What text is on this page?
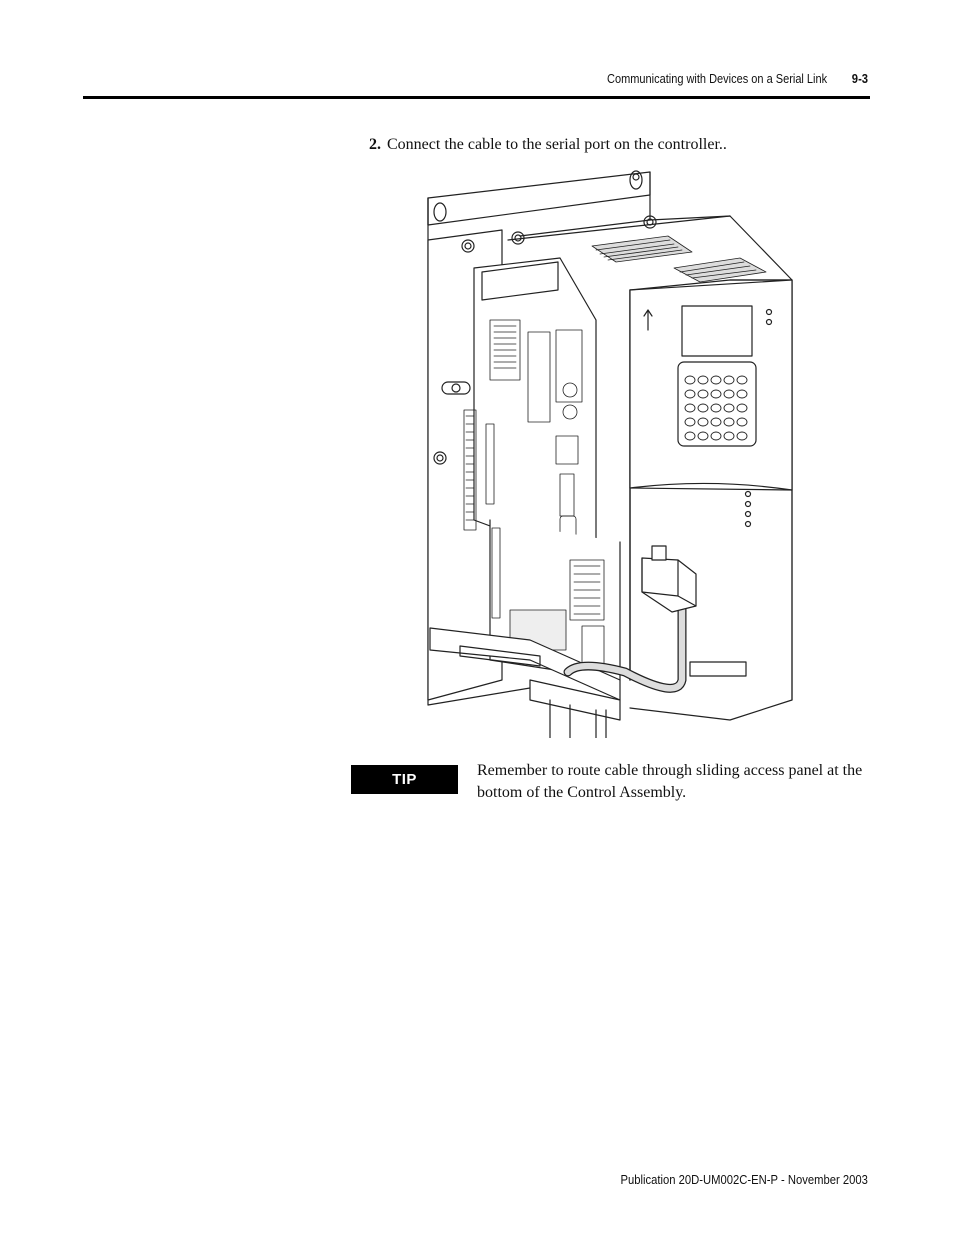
Communicating with Devices on a Serial Link 9-3
2. Connect the cable to the serial port on the controller..
TIP
Remember to route cable through sliding access panel at the bottom of the Control Assembly.
Publication 20D-UM002C-EN-P - November 2003
